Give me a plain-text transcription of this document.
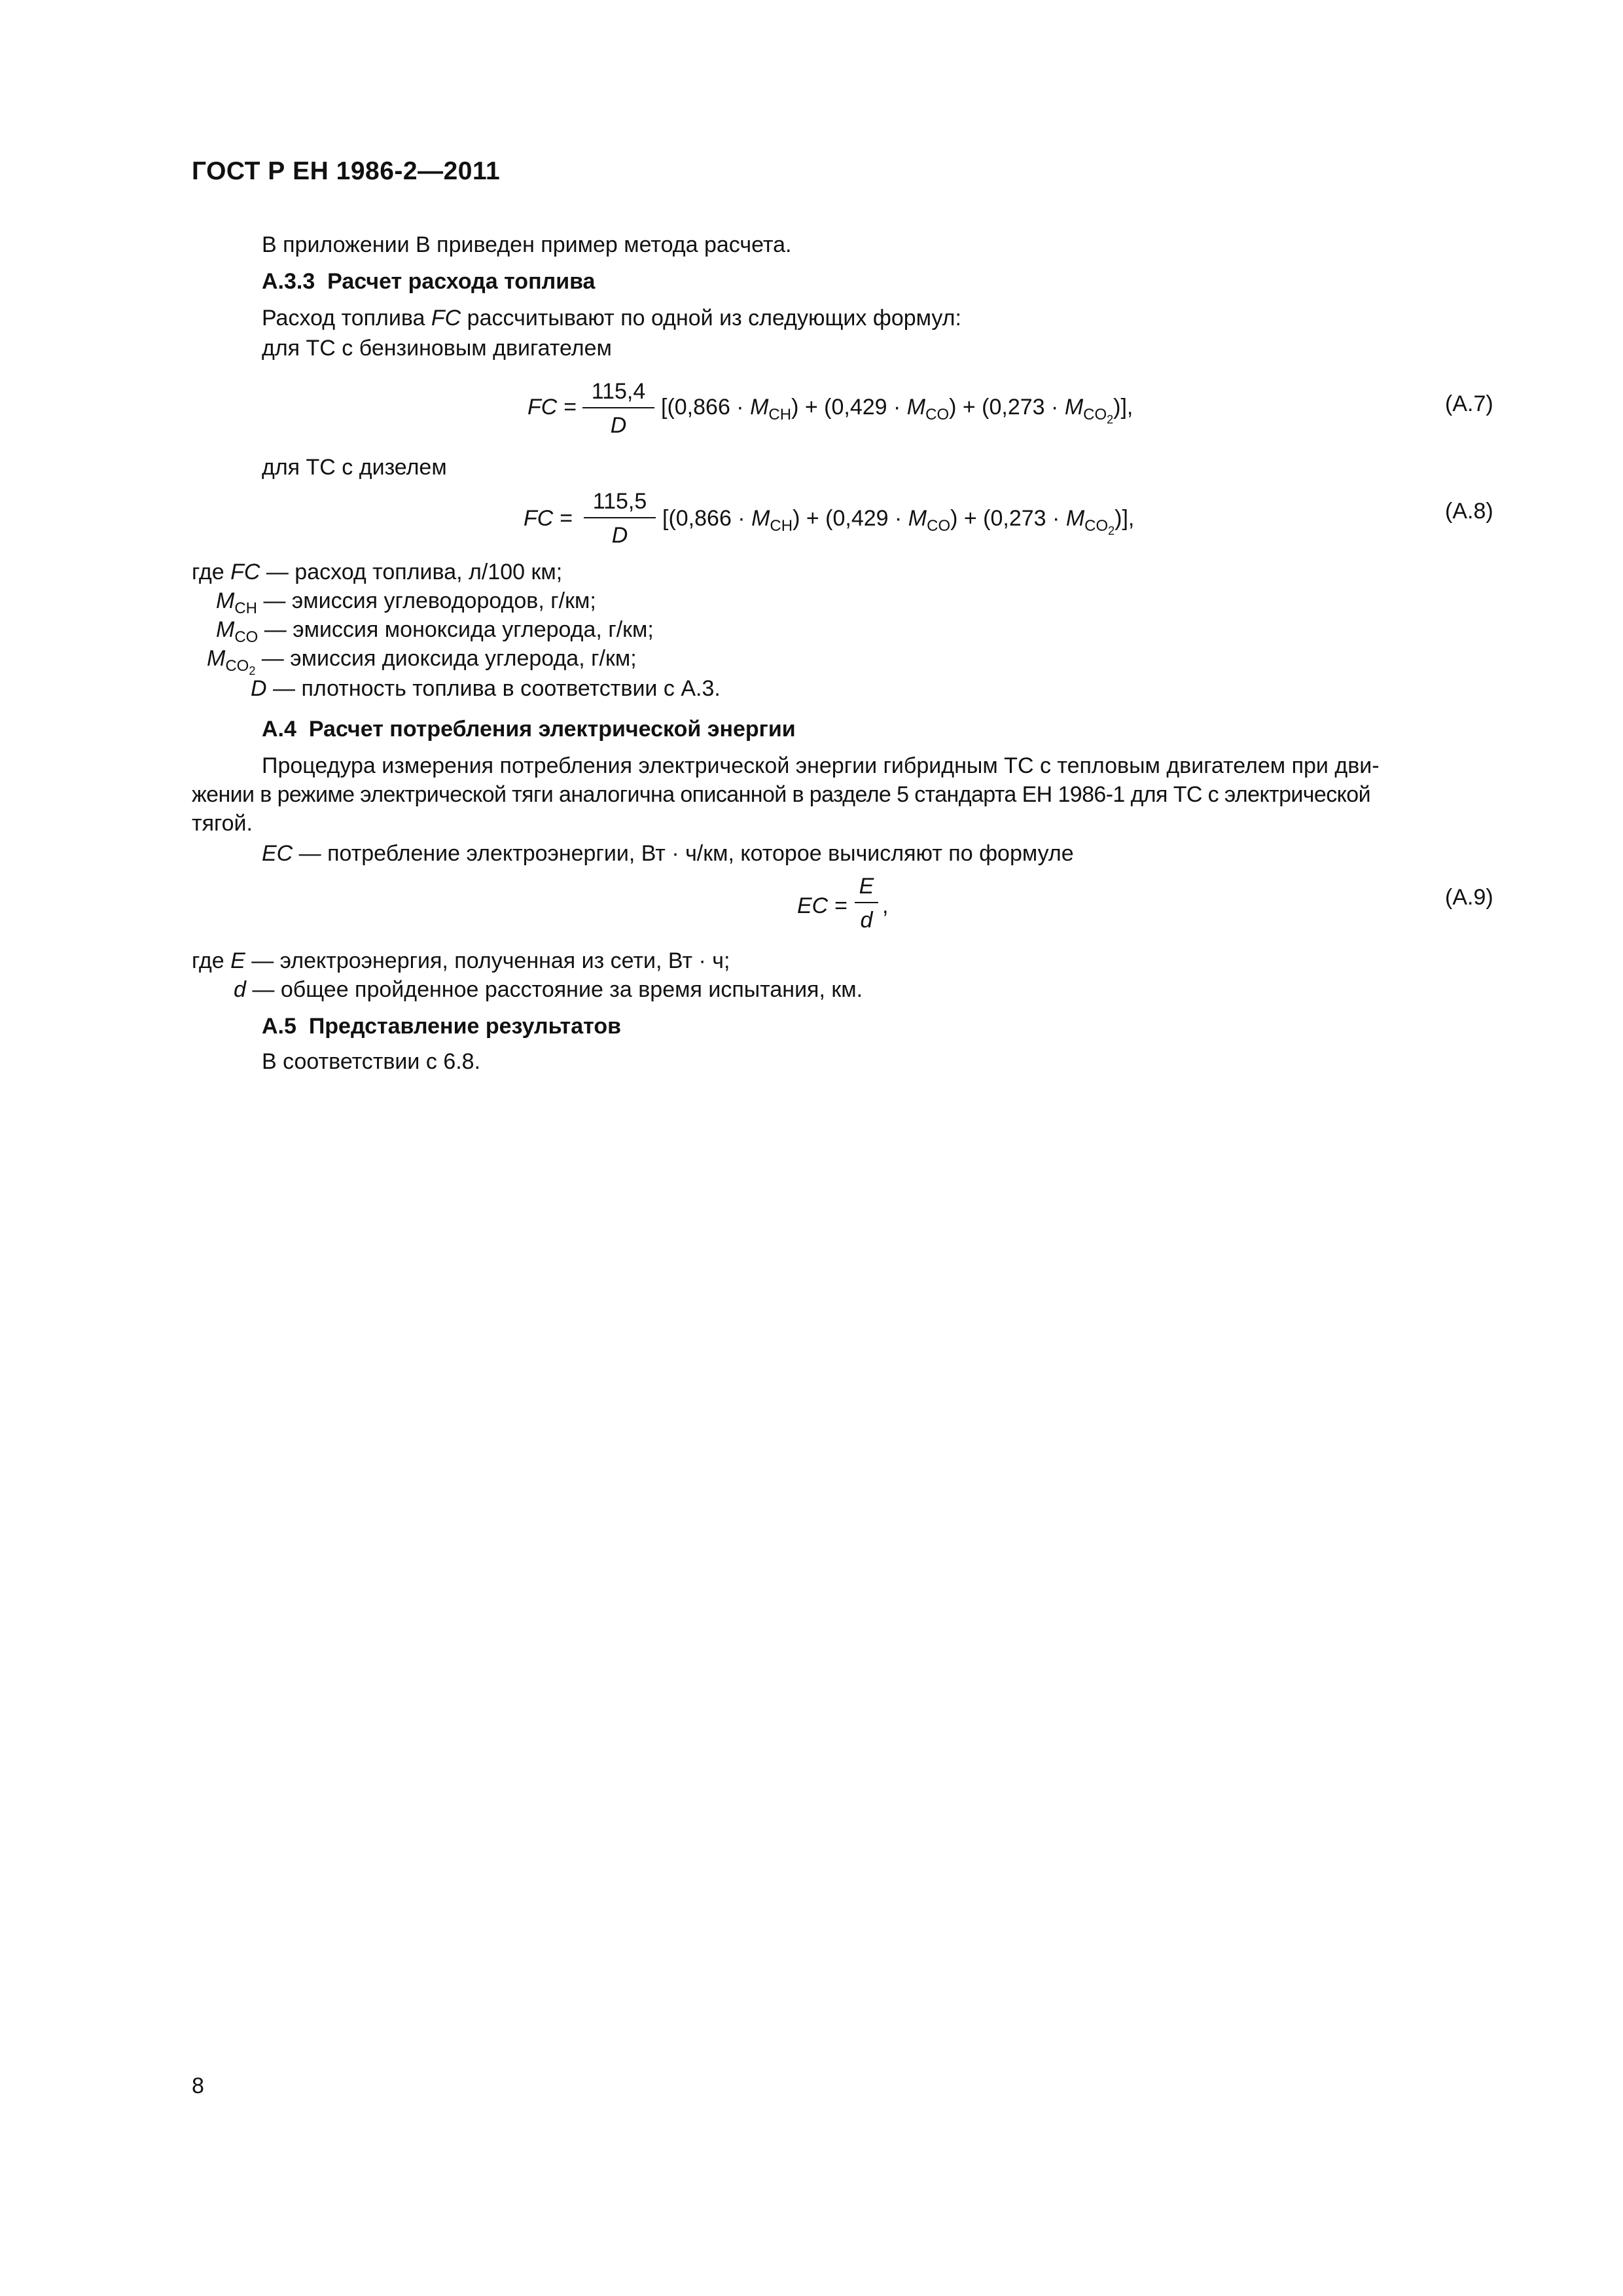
ГОСТ Р ЕН 1986-2—2011
В приложении В приведен пример метода расчета.
А.3.3 Расчет расхода топлива
Расход топлива FC рассчитывают по одной из следующих формул:
для ТС с бензиновым двигателем
FC =
115,4
D
$[(0,866 \cdot M_{CH}) + (0,429 \cdot M_{CO}) + (0,273 \cdot M_{CO_2})]$,	(А.7)
для ТС с дизелем
FC =
115,5
D
$[(0,866 \cdot M_{CH}) + (0,429 \cdot M_{CO}) + (0,273 \cdot M_{CO_2})]$,	(А.8)
где FC — расход топлива, л/100 км;
$M_{CH}$ — эмиссия углеводородов, г/км;
$M_{CO}$ — эмиссия моноксида углерода, г/км;
$M_{CO_2}$ — эмиссия диоксида углерода, г/км;
D — плотность топлива в соответствии с А.3.
А.4 Расчет потребления электрической энергии
Процедура измерения потребления электрической энергии гибридным ТС с тепловым двигателем при дви-
жении в режиме электрической тяги аналогична описанной в разделе 5 стандарта ЕН 1986-1 для ТС с электрической
тягой.
EC — потребление электроэнергии, Вт · ч/км, которое вычисляют по формуле
EC =
E
d
,	(А.9)
где E — электроэнергия, полученная из сети, Вт · ч;
d — общее пройденное расстояние за время испытания, км.
А.5 Представление результатов
В соответствии с 6.8.
8
